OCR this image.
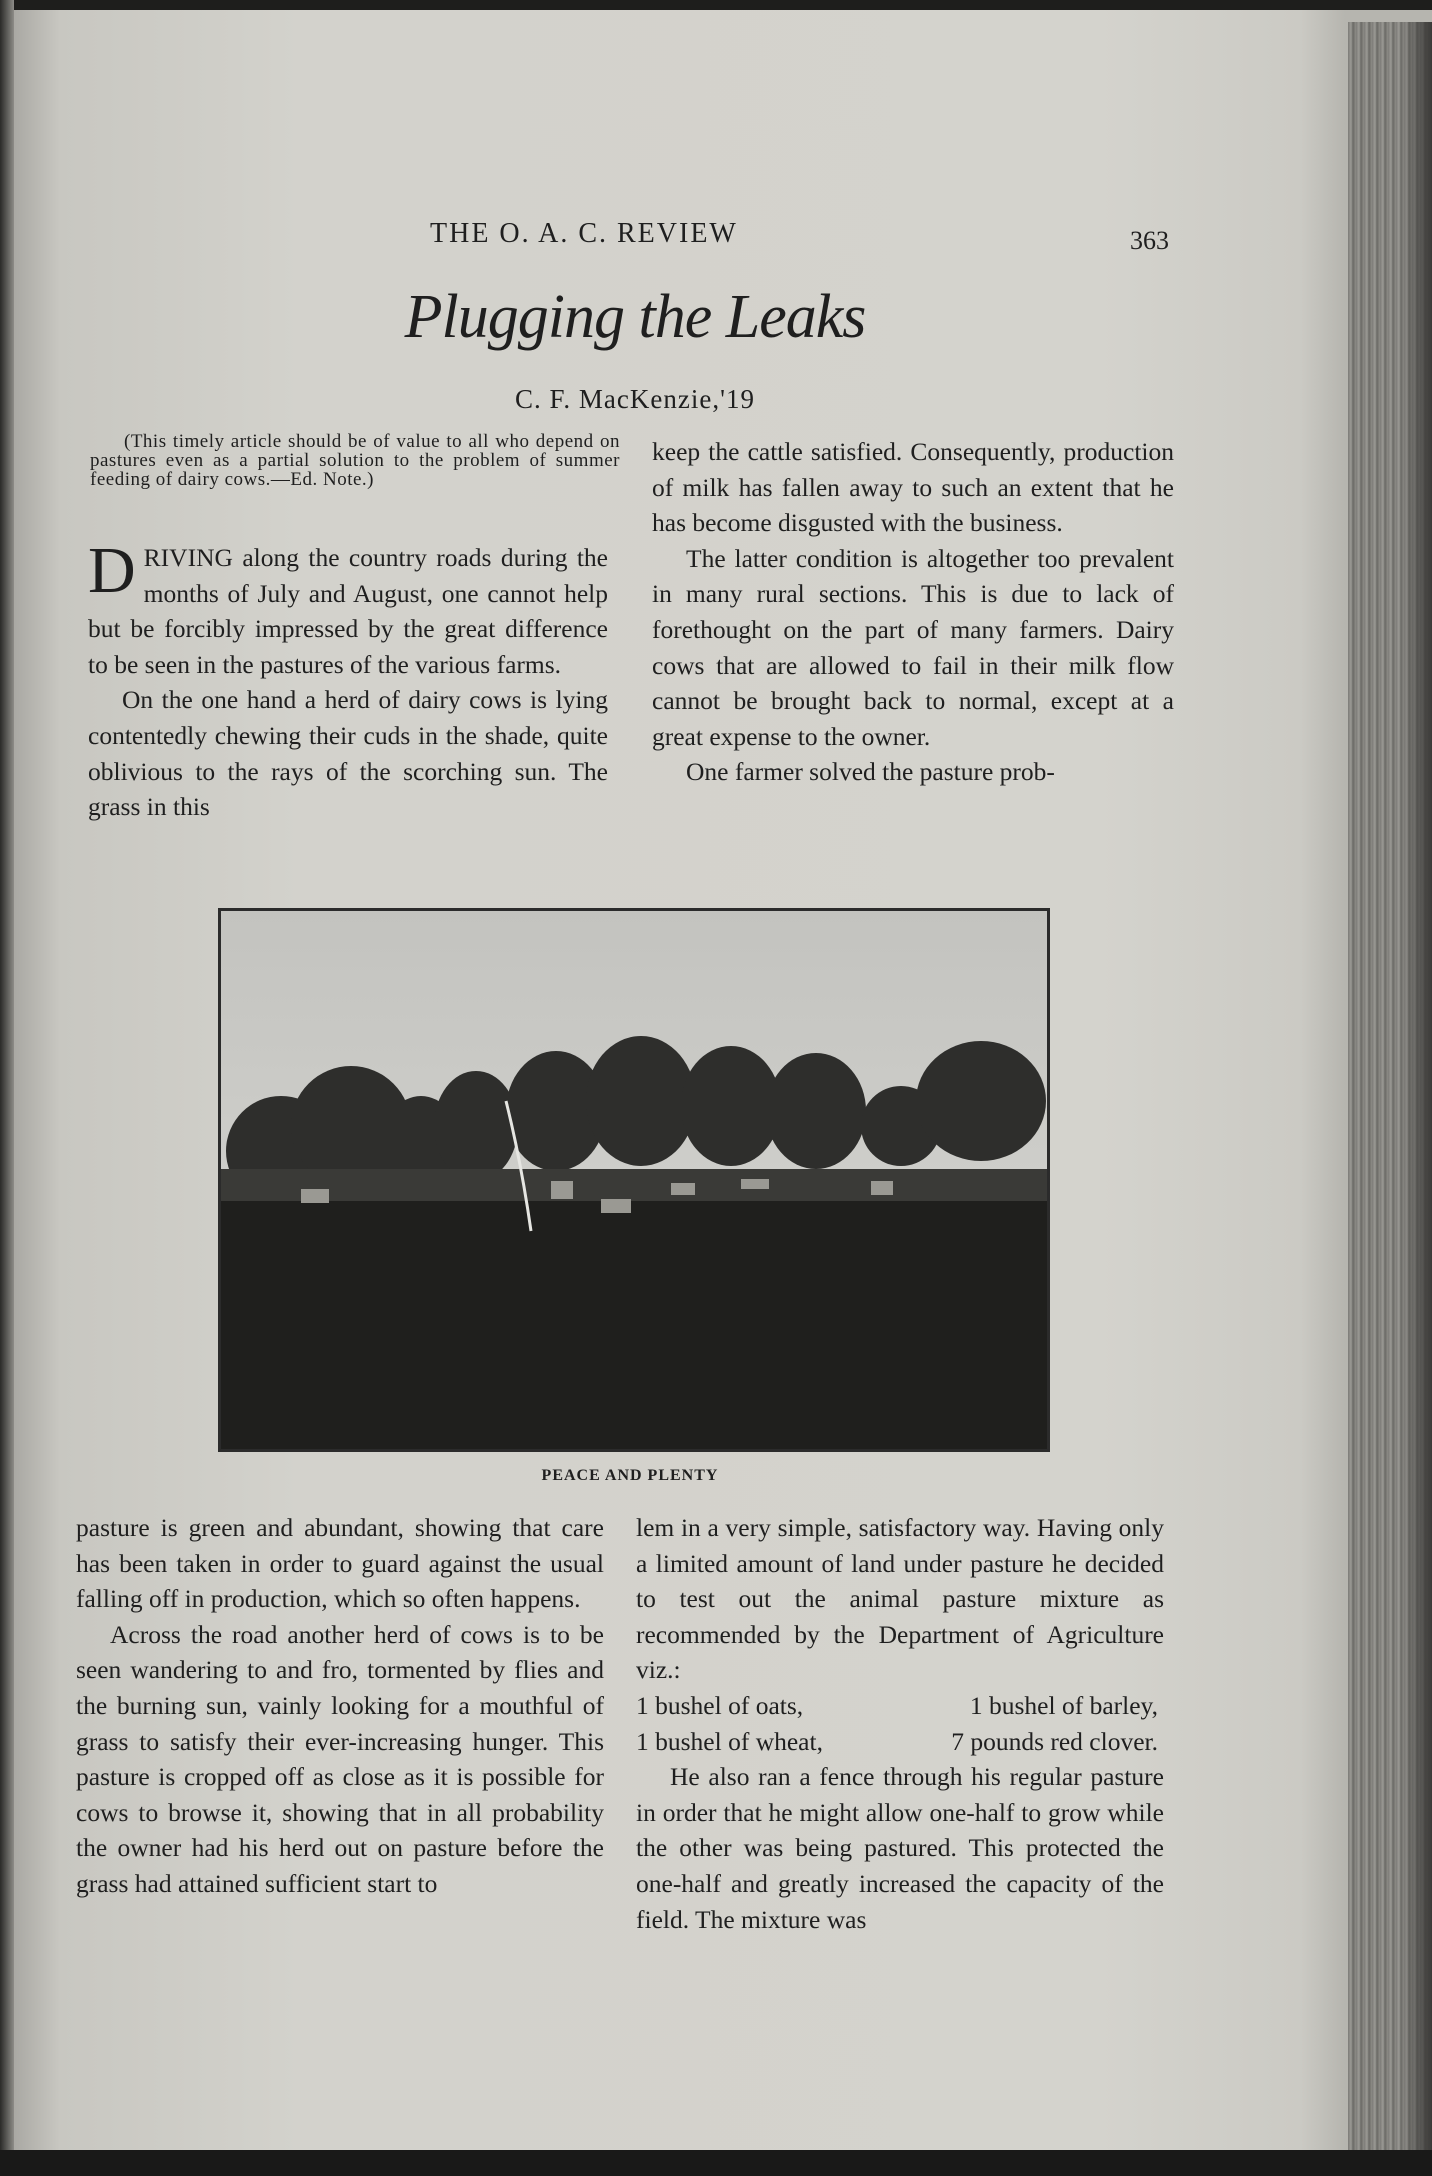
THE O. A. C. REVIEW	363
Plugging the Leaks
C. F. MacKenzie,'19
(This timely article should be of value to all who depend on pastures even as a partial solution to the problem of summer feeding of dairy cows.—Ed. Note.)

DRIVING along the country roads during the months of July and August, one cannot help but be forcibly impressed by the great difference to be seen in the pastures of the various farms.

On the one hand a herd of dairy cows is lying contentedly chewing their cuds in the shade, quite oblivious to the rays of the scorching sun. The grass in this

keep the cattle satisfied. Consequently, production of milk has fallen away to such an extent that he has become disgusted with the business.

The latter condition is altogether too prevalent in many rural sections. This is due to lack of forethought on the part of many farmers. Dairy cows that are allowed to fail in their milk flow cannot be brought back to normal, except at a great expense to the owner.

One farmer solved the pasture prob-

PEACE AND PLENTY

pasture is green and abundant, showing that care has been taken in order to guard against the usual falling off in production, which so often happens.

Across the road another herd of cows is to be seen wandering to and fro, tormented by flies and the burning sun, vainly looking for a mouthful of grass to satisfy their ever-increasing hunger. This pasture is cropped off as close as it is possible for cows to browse it, showing that in all probability the owner had his herd out on pasture before the grass had attained sufficient start to

lem in a very simple, satisfactory way. Having only a limited amount of land under pasture he decided to test out the animal pasture mixture as recommended by the Department of Agriculture viz.:

1 bushel of oats,	1 bushel of barley,
1 bushel of wheat,	7 pounds red clover.

He also ran a fence through his regular pasture in order that he might allow one-half to grow while the other was being pastured. This protected the one-half and greatly increased the capacity of the field. The mixture was
